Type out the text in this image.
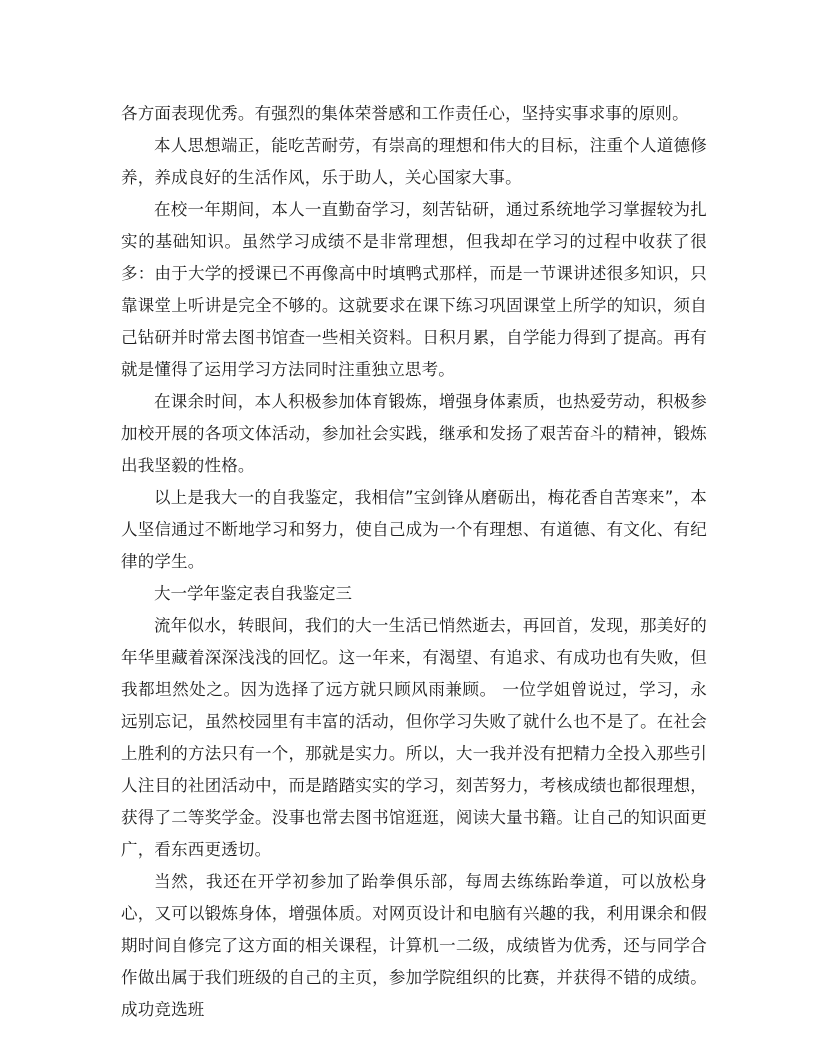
各方面表现优秀。有强烈的集体荣誉感和工作责任心，坚持实事求事的原则。

本人思想端正，能吃苦耐劳，有崇高的理想和伟大的目标，注重个人道德修养，养成良好的生活作风，乐于助人，关心国家大事。

在校一年期间，本人一直勤奋学习，刻苦钻研，通过系统地学习掌握较为扎实的基础知识。虽然学习成绩不是非常理想，但我却在学习的过程中收获了很多：由于大学的授课已不再像高中时填鸭式那样，而是一节课讲述很多知识，只靠课堂上听讲是完全不够的。这就要求在课下练习巩固课堂上所学的知识，须自己钻研并时常去图书馆查一些相关资料。日积月累，自学能力得到了提高。再有就是懂得了运用学习方法同时注重独立思考。

在课余时间，本人积极参加体育锻炼，增强身体素质，也热爱劳动，积极参加校开展的各项文体活动，参加社会实践，继承和发扬了艰苦奋斗的精神，锻炼出我坚毅的性格。

以上是我大一的自我鉴定，我相信”宝剑锋从磨砺出，梅花香自苦寒来”，本人坚信通过不断地学习和努力，使自己成为一个有理想、有道德、有文化、有纪律的学生。

大一学年鉴定表自我鉴定三

流年似水，转眼间，我们的大一生活已悄然逝去，再回首，发现，那美好的年华里藏着深深浅浅的回忆。这一年来，有渴望、有追求、有成功也有失败，但我都坦然处之。因为选择了远方就只顾风雨兼顾。 一位学姐曾说过，学习，永远别忘记，虽然校园里有丰富的活动，但你学习失败了就什么也不是了。在社会上胜利的方法只有一个，那就是实力。所以，大一我并没有把精力全投入那些引人注目的社团活动中，而是踏踏实实的学习，刻苦努力，考核成绩也都很理想，获得了二等奖学金。没事也常去图书馆逛逛，阅读大量书籍。让自己的知识面更广，看东西更透切。

当然，我还在开学初参加了跆拳俱乐部，每周去练练跆拳道，可以放松身心，又可以锻炼身体，增强体质。对网页设计和电脑有兴趣的我，利用课余和假期时间自修完了这方面的相关课程，计算机一二级，成绩皆为优秀，还与同学合作做出属于我们班级的自己的主页，参加学院组织的比赛，并获得不错的成绩。 成功竞选班
